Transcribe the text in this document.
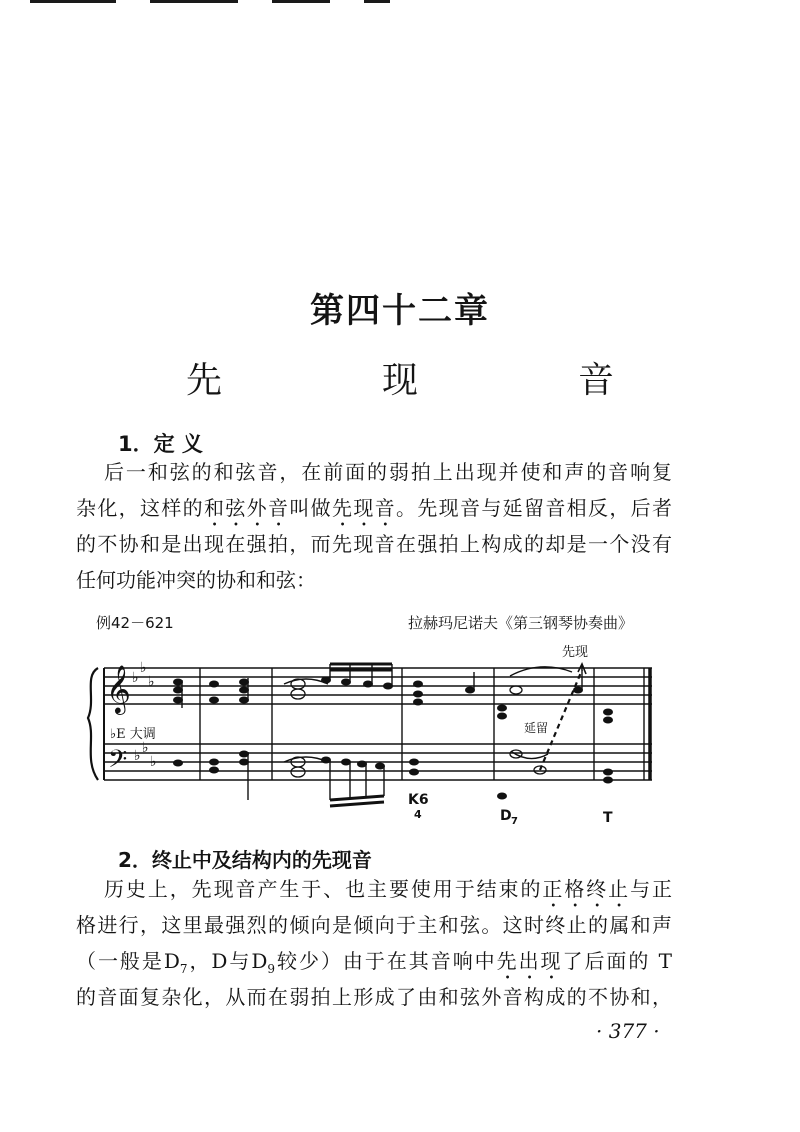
第四十二章
先　现　音
1．定 义
后一和弦的和弦音，在前面的弱拍上出现并使和声的音响复
杂化，这样的和弦外音叫做先现音。先现音与延留音相反，后者
的不协和是出现在强拍，而先现音在强拍上构成的却是一个没有
任何功能冲突的协和和弦：
例42－621	拉赫玛尼诺夫《第三钢琴协奏曲》
𝄞
𝄢
♭
♭
♭
♭ ♭
♭
♭E 大调
先现
延留
K6
4	D 7	T
2．终止中及结构内的先现音
历史上，先现音产生于、也主要使用于结束的正格终止与正
格进行，这里最强烈的倾向是倾向于主和弦。这时终止的属和声
（一般是$D_7$，D与$D_9$较少）由于在其音响中先出现了后面的 T
的音面复杂化，从而在弱拍上形成了由和弦外音构成的不协和，
· 377 ·
